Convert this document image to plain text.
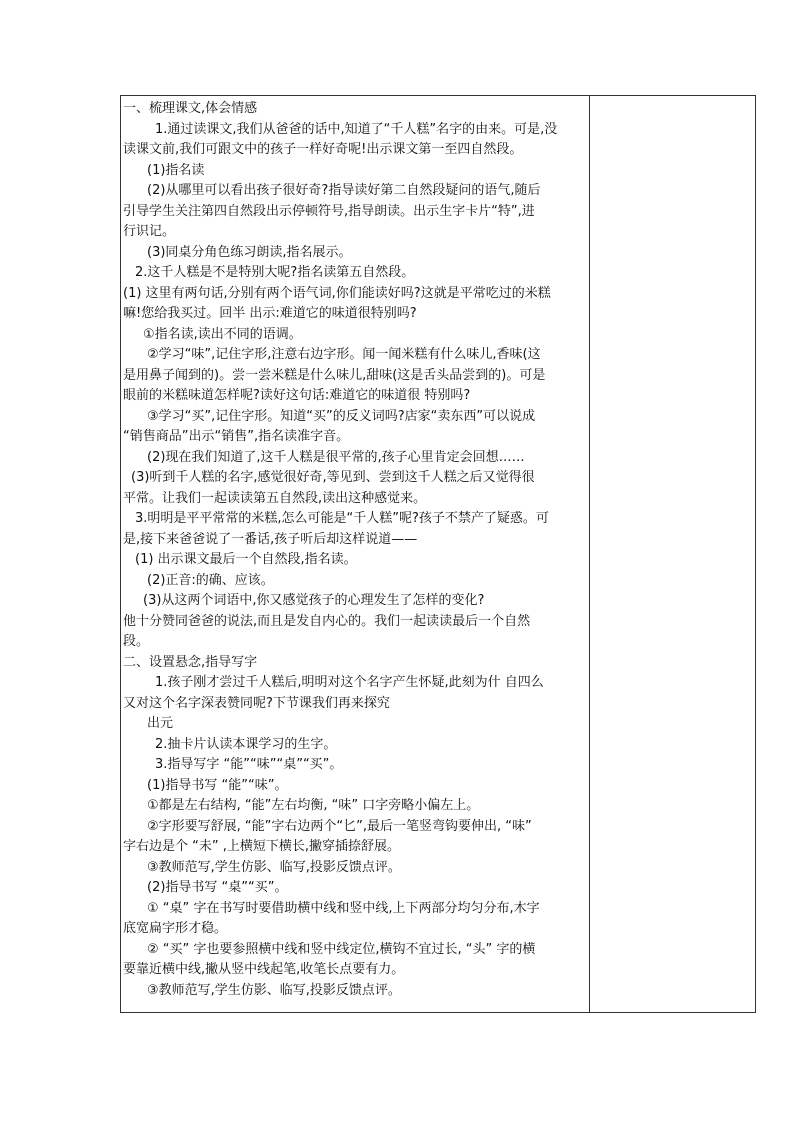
一、梳理课文,体会情感
1.通过读课文,我们从爸爸的话中,知道了“千人糕”名字的由来。可是,没
读课文前,我们可跟文中的孩子一样好奇呢!出示课文第一至四自然段。
(1)指名读
(2)从哪里可以看出孩子很好奇?指导读好第二自然段疑问的语气,随后
引导学生关注第四自然段出示停顿符号,指导朗读。出示生字卡片“特”,进
行识记。
(3)同桌分角色练习朗读,指名展示。
2.这千人糕是不是特别大呢?指名读第五自然段。
(1) 这里有两句话,分别有两个语气词,你们能读好吗?这就是平常吃过的米糕
嘛!您给我买过。回半 出示:难道它的味道很特别吗?
①指名读,读出不同的语调。
②学习“味”,记住字形,注意右边字形。闻一闻米糕有什么味儿,香味(这
是用鼻子闻到的)。尝一尝米糕是什么味儿,甜味(这是舌头品尝到的)。可是
眼前的米糕味道怎样呢?读好这句话:难道它的味道很 特别吗?
③学习“买”,记住字形。知道“买”的反义词吗?店家“卖东西”可以说成
“销售商品”出示“销售”,指名读准字音。
(2)现在我们知道了,这千人糕是很平常的,孩子心里肯定会回想……
(3)听到千人糕的名字,感觉很好奇,等见到、尝到这千人糕之后又觉得很
平常。让我们一起读读第五自然段,读出这种感觉来。
3.明明是平平常常的米糕,怎么可能是“千人糕”呢?孩子不禁产了疑惑。可
是,接下来爸爸说了一番话,孩子听后却这样说道——
(1) 出示课文最后一个自然段,指名读。
(2)正音:的确、应该。
(3)从这两个词语中,你又感觉孩子的心理发生了怎样的变化?
他十分赞同爸爸的说法,而且是发自内心的。我们一起读读最后一个自然
段。
二、设置悬念,指导写字
1.孩子刚才尝过千人糕后,明明对这个名字产生怀疑,此刻为什 自四么
又对这个名字深表赞同呢?下节课我们再来探究
出元
2.抽卡片认读本课学习的生字。
3.指导写字 “能”“味”“桌”“买”。
(1)指导书写 “能”“味”。
①都是左右结构, “能”左右均衡, “味” 口字旁略小偏左上。
②字形要写舒展, “能”字右边两个“匕”,最后一笔竖弯钩要伸出, “味”
字右边是个 “未” ,上横短下横长,撇穿插捺舒展。
③教师范写,学生仿影、临写,投影反馈点评。
(2)指导书写 “桌”“买”。
① “桌” 字在书写时要借助横中线和竖中线,上下两部分均匀分布,木字
底宽扁字形才稳。
② “买” 字也要参照横中线和竖中线定位,横钩不宜过长, “头” 字的横
要靠近横中线,撇从竖中线起笔,收笔长点要有力。
③教师范写,学生仿影、临写,投影反馈点评。
